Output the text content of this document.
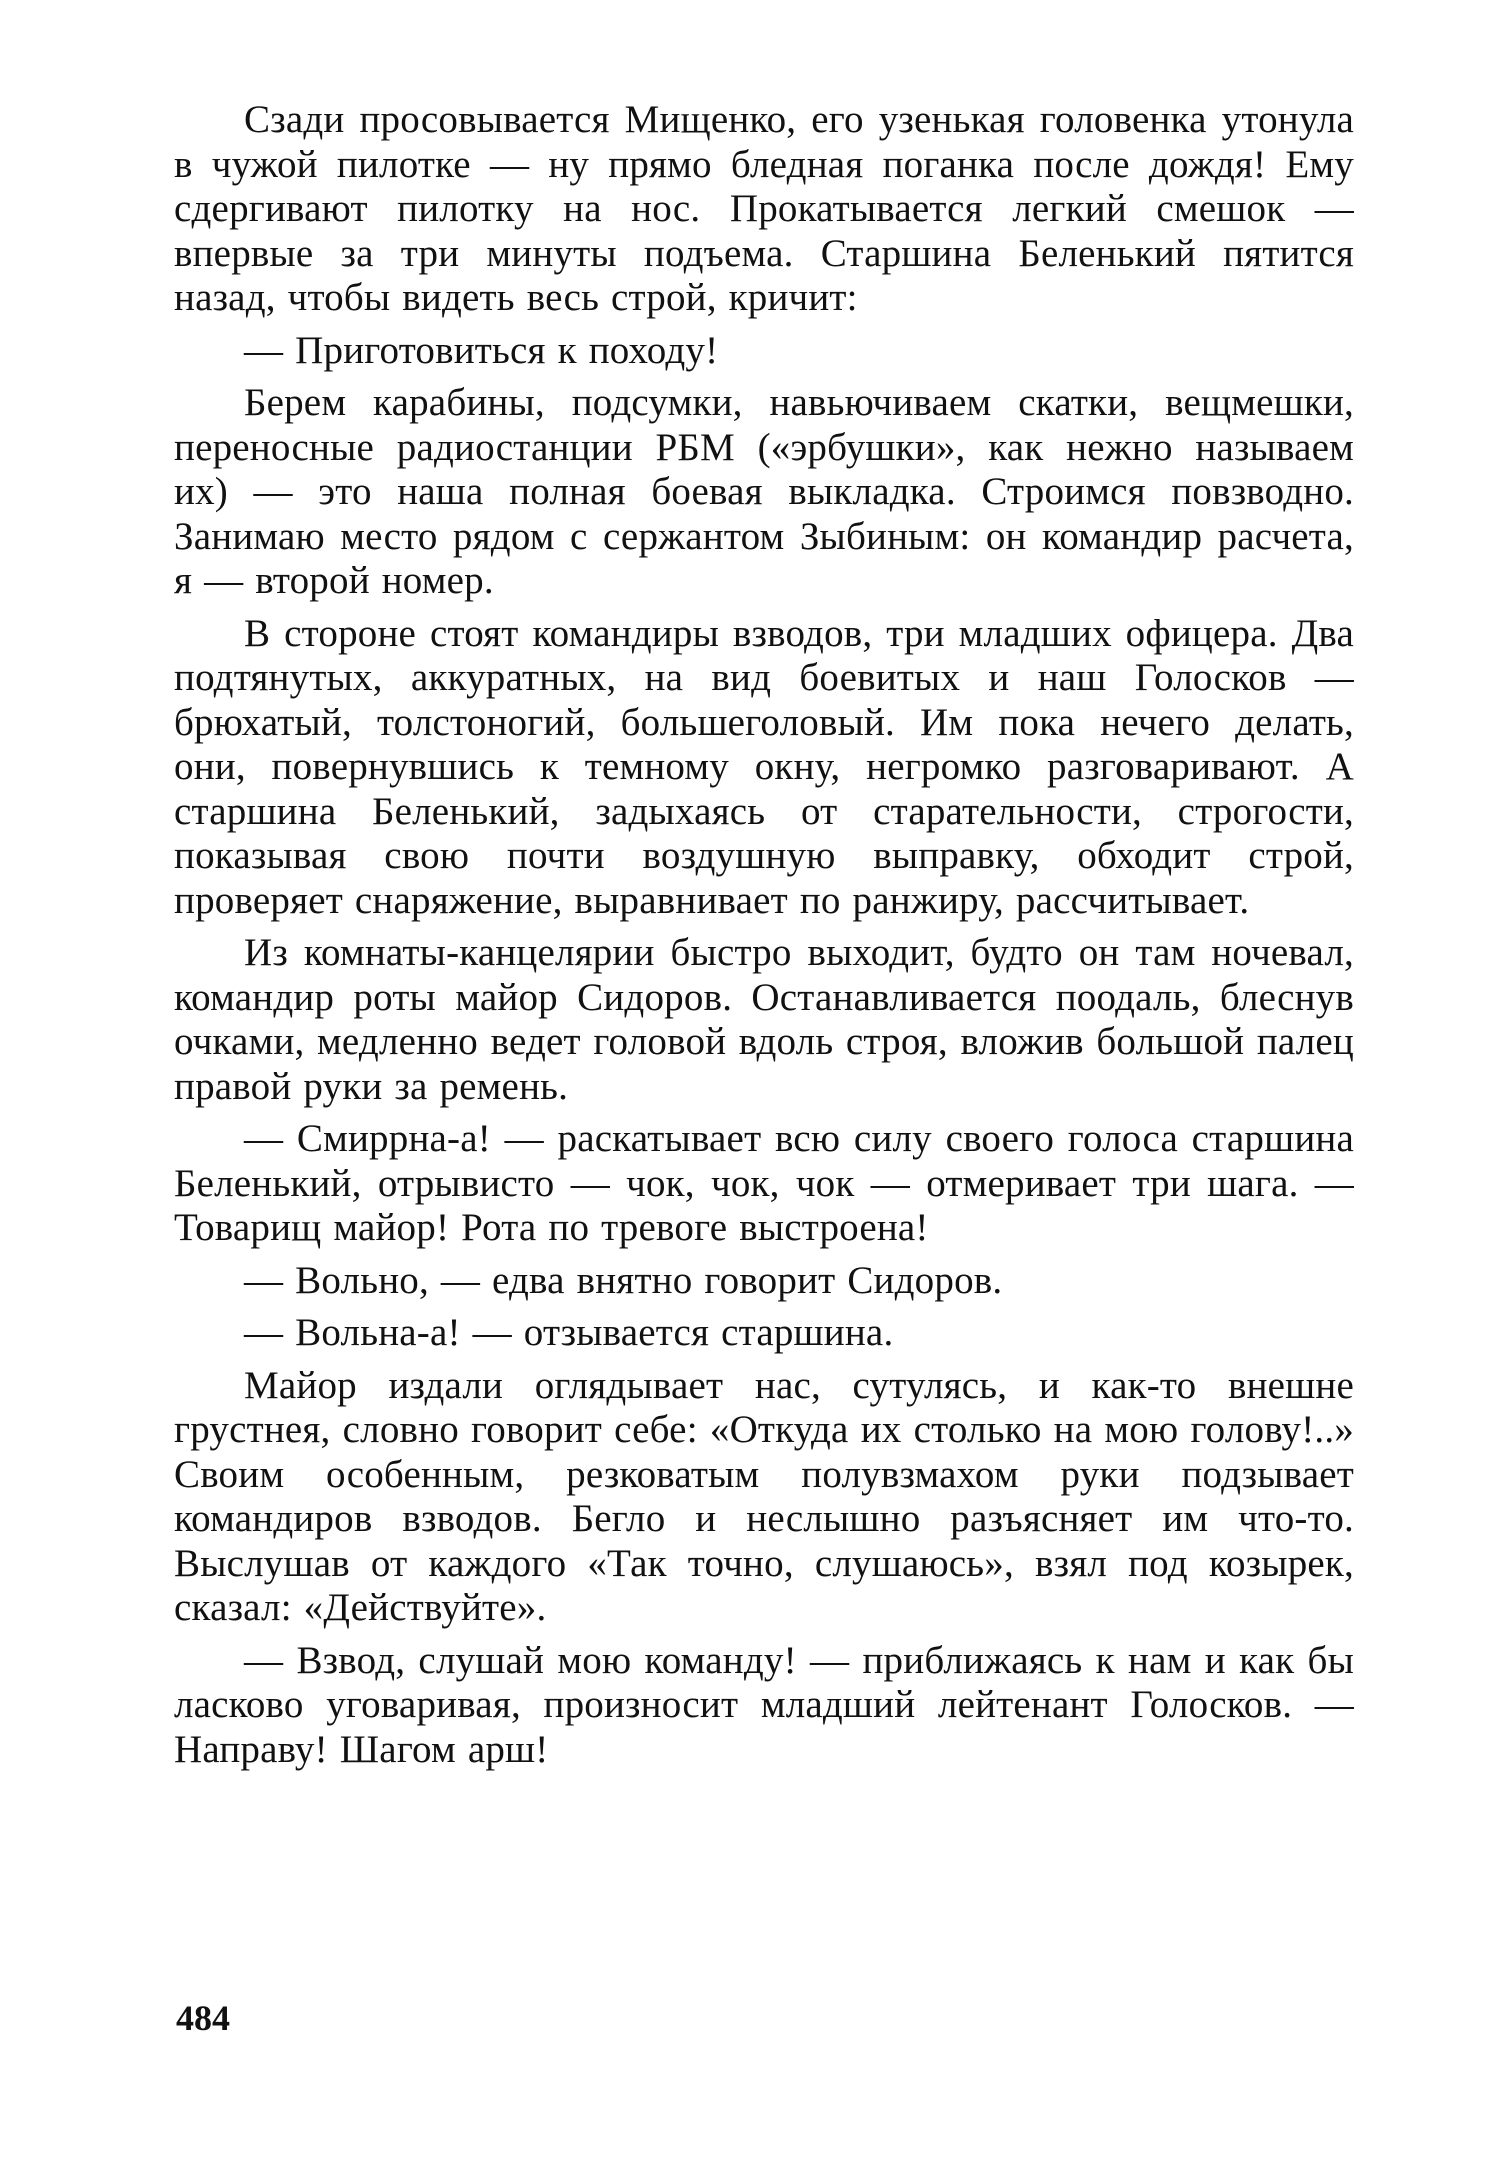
Сзади просовывается Мищенко, его узенькая головенка утонула в чужой пилотке — ну прямо бледная поганка после дождя! Ему сдергивают пилотку на нос. Прокатывается легкий смешок — впервые за три минуты подъема. Старшина Беленький пятится назад, чтобы видеть весь строй, кричит:

— Приготовиться к походу!

Берем карабины, подсумки, навьючиваем скатки, вещмешки, переносные радиостанции РБМ («эрбушки», как нежно называем их) — это наша полная боевая выкладка. Строимся повзводно. Занимаю место рядом с сержантом Зыбиным: он командир расчета, я — второй номер.

В стороне стоят командиры взводов, три младших офицера. Два подтянутых, аккуратных, на вид боевитых и наш Голосков — брюхатый, толстоногий, большеголовый. Им пока нечего делать, они, повернувшись к темному окну, негромко разговаривают. А старшина Беленький, задыхаясь от старательности, строгости, показывая свою почти воздушную выправку, обходит строй, проверяет снаряжение, выравнивает по ранжиру, рассчитывает.

Из комнаты-канцелярии быстро выходит, будто он там ночевал, командир роты майор Сидоров. Останавливается поодаль, блеснув очками, медленно ведет головой вдоль строя, вложив большой палец правой руки за ремень.

— Смиррна-а! — раскатывает всю силу своего голоса старшина Беленький, отрывисто — чок, чок, чок — отмеривает три шага. — Товарищ майор! Рота по тревоге выстроена!

— Вольно, — едва внятно говорит Сидоров.

— Вольна-а! — отзывается старшина.

Майор издали оглядывает нас, сутулясь, и как-то внешне грустнея, словно говорит себе: «Откуда их столько на мою голову!..» Своим особенным, резковатым полувзмахом руки подзывает командиров взводов. Бегло и неслышно разъясняет им что-то. Выслушав от каждого «Так точно, слушаюсь», взял под козырек, сказал: «Действуйте».

— Взвод, слушай мою команду! — приближаясь к нам и как бы ласково уговаривая, произносит младший лейтенант Голосков. — Направу! Шагом арш!

484
